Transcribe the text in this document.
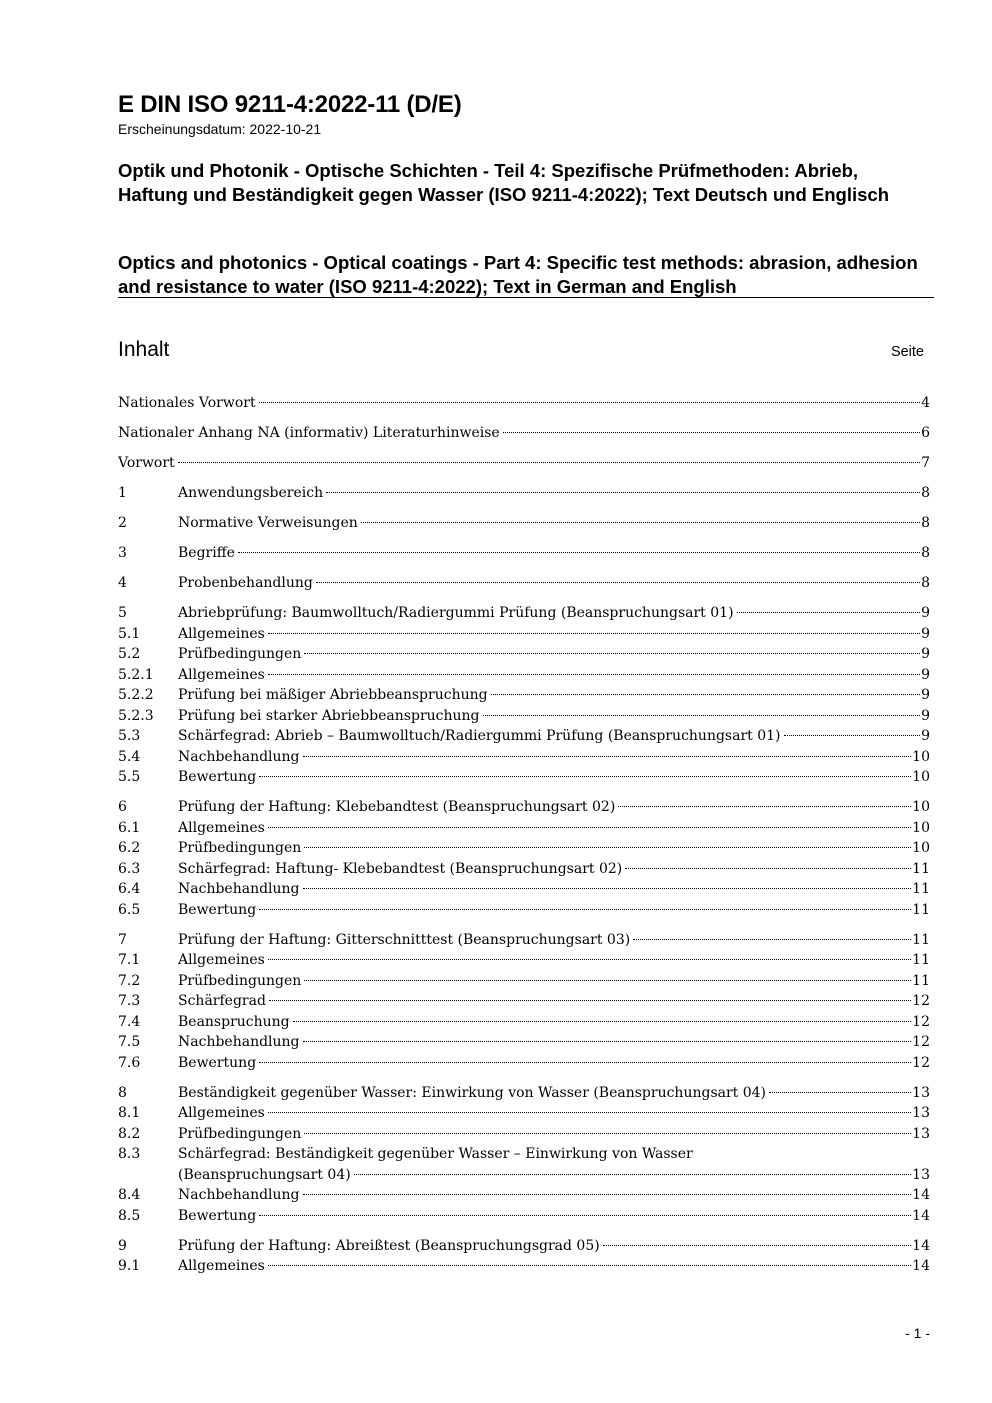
E DIN ISO 9211-4:2022-11 (D/E)
Erscheinungsdatum: 2022-10-21
Optik und Photonik - Optische Schichten - Teil 4: Spezifische Prüfmethoden: Abrieb, Haftung und Beständigkeit gegen Wasser (ISO 9211-4:2022); Text Deutsch und Englisch
Optics and photonics - Optical coatings - Part 4: Specific test methods: abrasion, adhesion and resistance to water (ISO 9211-4:2022); Text in German and English
Inhalt	Seite
Nationales Vorwort	4
Nationaler Anhang NA (informativ) Literaturhinweise	6
Vorwort	7
1	Anwendungsbereich	8
2	Normative Verweisungen	8
3	Begriffe	8
4	Probenbehandlung	8
5	Abriebprüfung: Baumwolltuch/Radiergummi Prüfung (Beanspruchungsart 01)	9
5.1	Allgemeines	9
5.2	Prüfbedingungen	9
5.2.1	Allgemeines	9
5.2.2	Prüfung bei mäßiger Abriebbeanspruchung	9
5.2.3	Prüfung bei starker Abriebbeanspruchung	9
5.3	Schärfegrad: Abrieb – Baumwolltuch/Radiergummi Prüfung (Beanspruchungsart 01)	9
5.4	Nachbehandlung	10
5.5	Bewertung	10
6	Prüfung der Haftung: Klebebandtest (Beanspruchungsart 02)	10
6.1	Allgemeines	10
6.2	Prüfbedingungen	10
6.3	Schärfegrad: Haftung- Klebebandtest (Beanspruchungsart 02)	11
6.4	Nachbehandlung	11
6.5	Bewertung	11
7	Prüfung der Haftung: Gitterschnitttest (Beanspruchungsart 03)	11
7.1	Allgemeines	11
7.2	Prüfbedingungen	11
7.3	Schärfegrad	12
7.4	Beanspruchung	12
7.5	Nachbehandlung	12
7.6	Bewertung	12
8	Beständigkeit gegenüber Wasser: Einwirkung von Wasser (Beanspruchungsart 04)	13
8.1	Allgemeines	13
8.2	Prüfbedingungen	13
8.3	Schärfegrad: Beständigkeit gegenüber Wasser – Einwirkung von Wasser
(Beanspruchungsart 04)	13
8.4	Nachbehandlung	14
8.5	Bewertung	14
9	Prüfung der Haftung: Abreißtest (Beanspruchungsgrad 05)	14
9.1	Allgemeines	14
- 1 -
